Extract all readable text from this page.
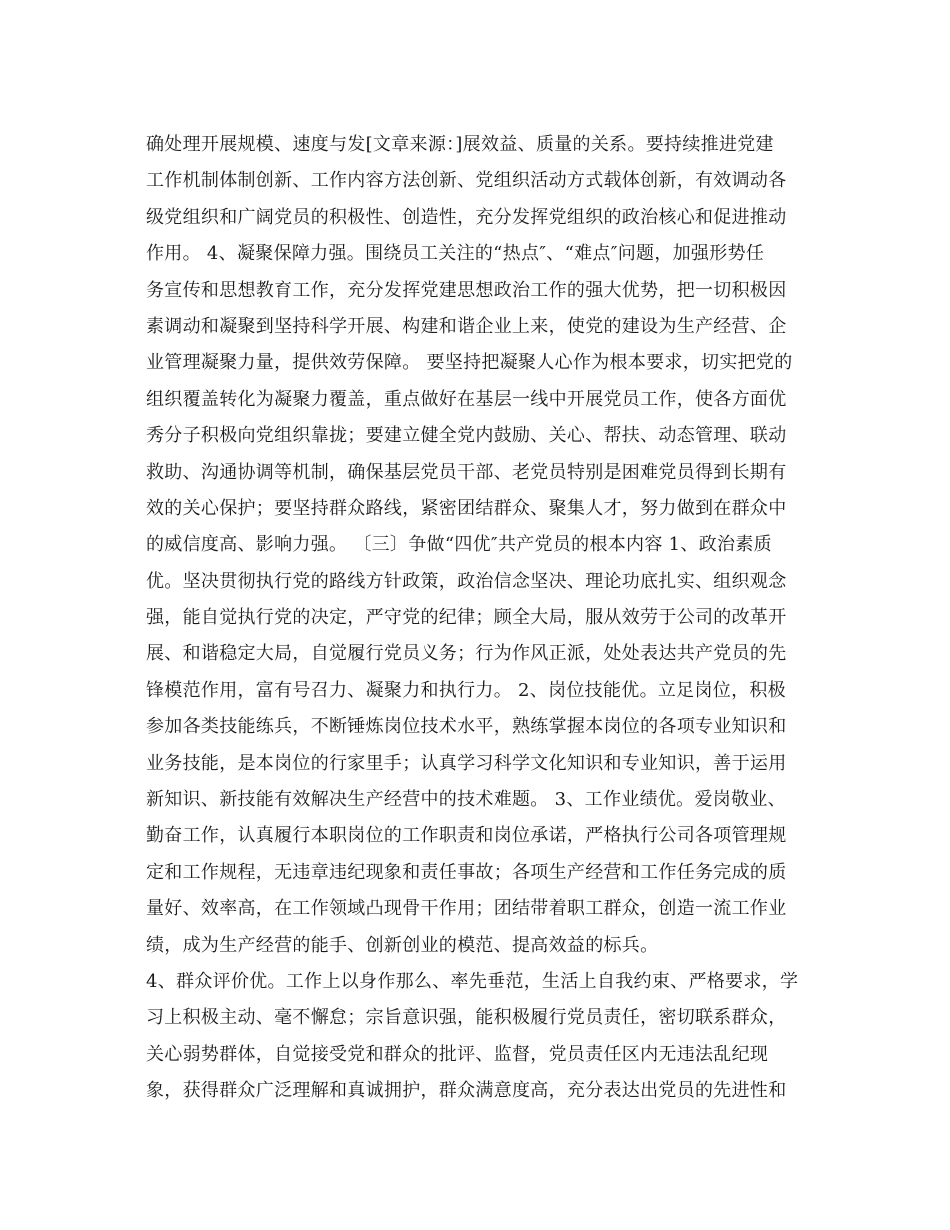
确处理开展规模、速度与发[文章来源：]展效益、质量的关系。要持续推进党建
工作机制体制创新、工作内容方法创新、党组织活动方式载体创新，有效调动各
级党组织和广阔党员的积极性、创造性，充分发挥党组织的政治核心和促进推动
作用。 4、凝聚保障力强。围绕员工关注的“热点″、“难点″问题，加强形势任
务宣传和思想教育工作，充分发挥党建思想政治工作的强大优势，把一切积极因
素调动和凝聚到坚持科学开展、构建和谐企业上来，使党的建设为生产经营、企
业管理凝聚力量，提供效劳保障。 要坚持把凝聚人心作为根本要求，切实把党的
组织覆盖转化为凝聚力覆盖，重点做好在基层一线中开展党员工作，使各方面优
秀分子积极向党组织靠拢；要建立健全党内鼓励、关心、帮扶、动态管理、联动
救助、沟通协调等机制，确保基层党员干部、老党员特别是困难党员得到长期有
效的关心保护；要坚持群众路线，紧密团结群众、聚集人才，努力做到在群众中
的威信度高、影响力强。 〔三〕争做“四优″共产党员的根本内容 1、政治素质
优。坚决贯彻执行党的路线方针政策，政治信念坚决、理论功底扎实、组织观念
强，能自觉执行党的决定，严守党的纪律；顾全大局，服从效劳于公司的改革开
展、和谐稳定大局，自觉履行党员义务；行为作风正派，处处表达共产党员的先
锋模范作用，富有号召力、凝聚力和执行力。 2、岗位技能优。立足岗位，积极
参加各类技能练兵，不断锤炼岗位技术水平，熟练掌握本岗位的各项专业知识和
业务技能，是本岗位的行家里手；认真学习科学文化知识和专业知识，善于运用
新知识、新技能有效解决生产经营中的技术难题。 3、工作业绩优。爱岗敬业、
勤奋工作，认真履行本职岗位的工作职责和岗位承诺，严格执行公司各项管理规
定和工作规程，无违章违纪现象和责任事故；各项生产经营和工作任务完成的质
量好、效率高，在工作领域凸现骨干作用；团结带着职工群众，创造一流工作业
绩，成为生产经营的能手、创新创业的模范、提高效益的标兵。
4、群众评价优。工作上以身作那么、率先垂范，生活上自我约束、严格要求，学
习上积极主动、毫不懈怠；宗旨意识强，能积极履行党员责任，密切联系群众，
关心弱势群体，自觉接受党和群众的批评、监督，党员责任区内无违法乱纪现
象，获得群众广泛理解和真诚拥护，群众满意度高，充分表达出党员的先进性和
